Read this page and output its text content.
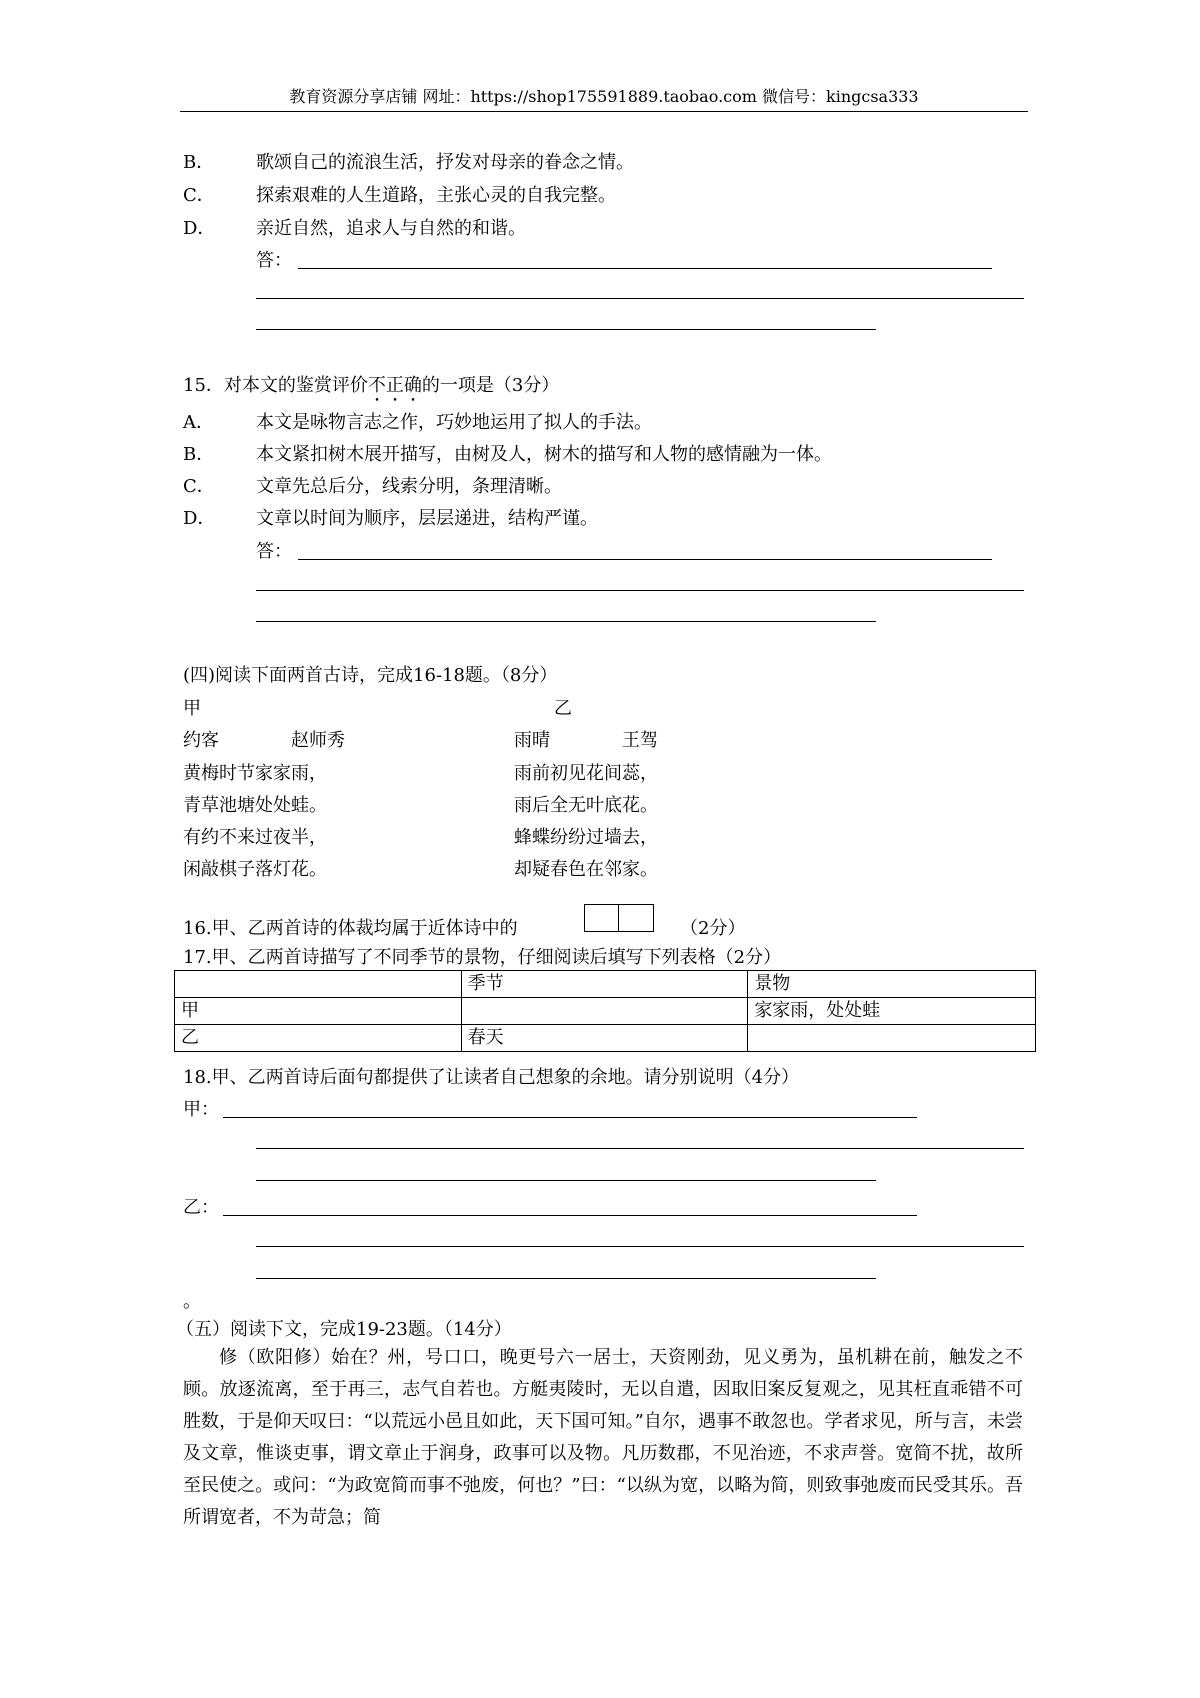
教育资源分享店铺 网址：https://shop175591889.taobao.com 微信号：kingcsa333
B． 歌颂自己的流浪生活，抒发对母亲的眷念之情。
C． 探索艰难的人生道路，主张心灵的自我完整。
D． 亲近自然，追求人与自然的和谐。
答：
15．对本文的鉴赏评价不正确的一项是（3分）
A． 本文是咏物言志之作，巧妙地运用了拟人的手法。
B． 本文紧扣树木展开描写，由树及人，树木的描写和人物的感情融为一体。
C． 文章先总后分，线索分明，条理清晰。
D． 文章以时间为顺序，层层递进，结构严谨。
答：
(四)阅读下面两首古诗，完成16-18题。（8分）
甲	乙
约客	赵师秀	雨晴	王驾
黄梅时节家家雨，
青草池塘处处蛙。
有约不来过夜半，
闲敲棋子落灯花。
雨前初见花间蕊，
雨后全无叶底花。
蜂蝶纷纷过墙去，
却疑春色在邻家。
16.甲、乙两首诗的体裁均属于近体诗中的	（2分）
17.甲、乙两首诗描写了不同季节的景物，仔细阅读后填写下列表格（2分）
	季节	景物
甲		家家雨，处处蛙
乙	春天	
18.甲、乙两首诗后面句都提供了让读者自己想象的余地。请分别说明（4分）
甲：
乙：
。
（五）阅读下文，完成19-23题。（14分）
修（欧阳修）始在？州，号口口，晚更号六一居士，天资刚劲，见义勇为，虽机耕在前，触发之不顾。放逐流离，至于再三，志气自若也。方艇夷陵时，无以自遣，因取旧案反复观之，见其枉直乖错不可胜数，于是仰天叹曰：“以荒远小邑且如此，天下国可知。”自尔，遇事不敢忽也。学者求见，所与言，未尝及文章，惟谈吏事，谓文章止于润身，政事可以及物。凡历数郡，不见治迹，不求声誉。宽简不扰，故所至民使之。或问：“为政宽简而事不弛废，何也？”曰：“以纵为宽，以略为简，则致事弛废而民受其乐。吾所谓宽者，不为苛急；简
